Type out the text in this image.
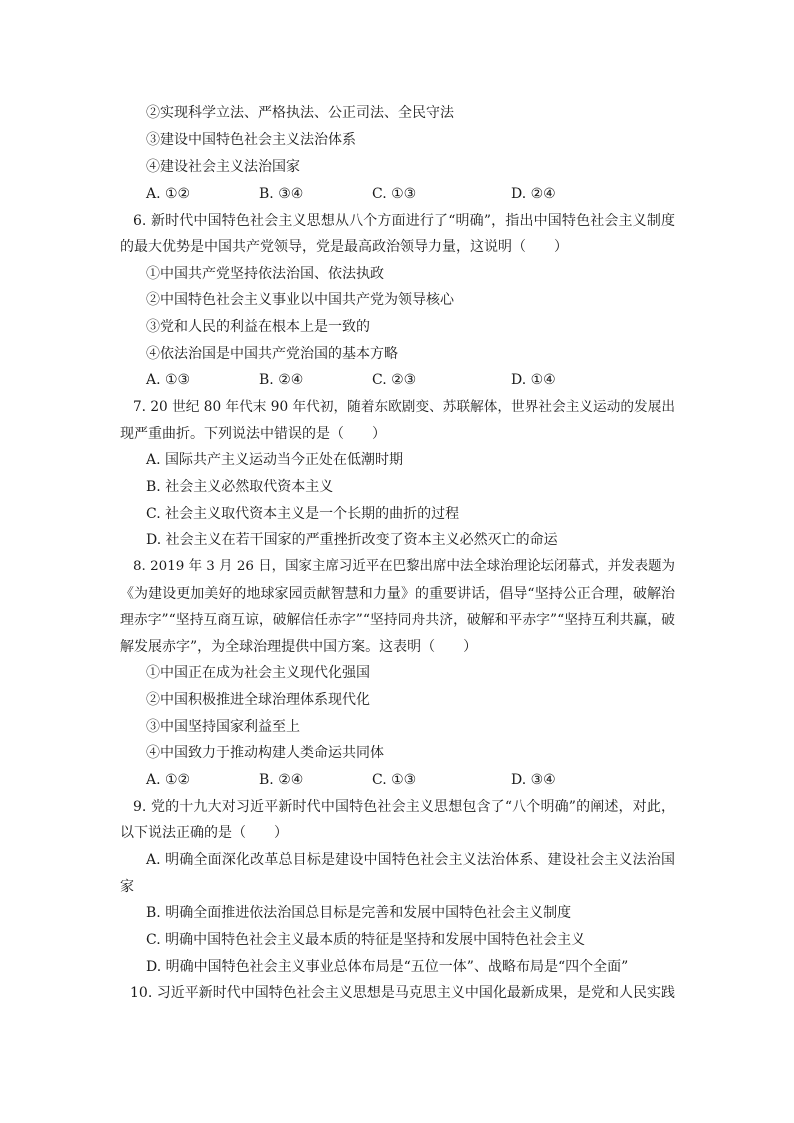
②实现科学立法、严格执法、公正司法、全民守法
③建设中国特色社会主义法治体系
④建设社会主义法治国家
A. ①②	B. ③④	C. ①③	D. ②④
6. 新时代中国特色社会主义思想从八个方面进行了“明确”，指出中国特色社会主义制度
的最大优势是中国共产党领导，党是最高政治领导力量，这说明（　　）
①中国共产党坚持依法治国、依法执政
②中国特色社会主义事业以中国共产党为领导核心
③党和人民的利益在根本上是一致的
④依法治国是中国共产党治国的基本方略
A. ①③	B. ②④	C. ②③	D. ①④
7. 20 世纪 80 年代末 90 年代初，随着东欧剧变、苏联解体，世界社会主义运动的发展出
现严重曲折。下列说法中错误的是（　　）
A. 国际共产主义运动当今正处在低潮时期
B. 社会主义必然取代资本主义
C. 社会主义取代资本主义是一个长期的曲折的过程
D. 社会主义在若干国家的严重挫折改变了资本主义必然灭亡的命运
8. 2019 年 3 月 26 日，国家主席习近平在巴黎出席中法全球治理论坛闭幕式，并发表题为
《为建设更加美好的地球家园贡献智慧和力量》的重要讲话，倡导“坚持公正合理，破解治
理赤字”“坚持互商互谅，破解信任赤字”“坚持同舟共济，破解和平赤字”“坚持互利共赢，破
解发展赤字”，为全球治理提供中国方案。这表明（　　）
①中国正在成为社会主义现代化强国
②中国积极推进全球治理体系现代化
③中国坚持国家利益至上
④中国致力于推动构建人类命运共同体
A. ①②	B. ②④	C. ①③	D. ③④
9. 党的十九大对习近平新时代中国特色社会主义思想包含了“八个明确”的阐述，对此，
以下说法正确的是（　　）
A. 明确全面深化改革总目标是建设中国特色社会主义法治体系、建设社会主义法治国
家
B. 明确全面推进依法治国总目标是完善和发展中国特色社会主义制度
C. 明确中国特色社会主义最本质的特征是坚持和发展中国特色社会主义
D. 明确中国特色社会主义事业总体布局是“五位一体”、战略布局是“四个全面”
10. 习近平新时代中国特色社会主义思想是马克思主义中国化最新成果，是党和人民实践
